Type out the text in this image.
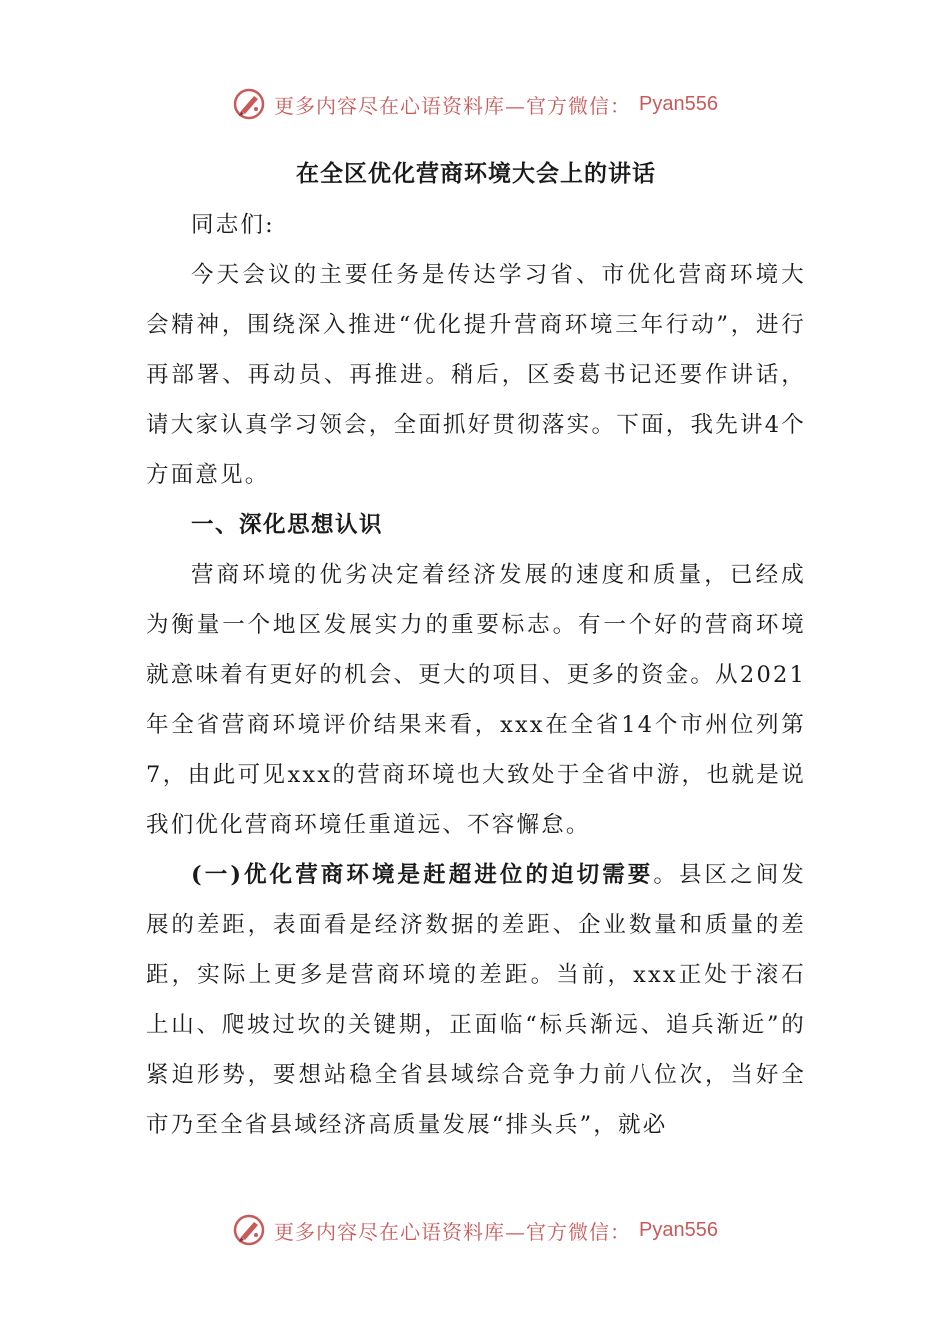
更多内容尽在心语资料库—官方微信： Pyan556
在全区优化营商环境大会上的讲话

同志们:

今天会议的主要任务是传达学习省、市优化营商环境大会精神，围绕深入推进“优化提升营商环境三年行动”，进行再部署、再动员、再推进。稍后，区委葛书记还要作讲话，请大家认真学习领会，全面抓好贯彻落实。下面，我先讲4个方面意见。

一、深化思想认识

营商环境的优劣决定着经济发展的速度和质量，已经成为衡量一个地区发展实力的重要标志。有一个好的营商环境就意味着有更好的机会、更大的项目、更多的资金。从2021年全省营商环境评价结果来看，xxx在全省14个市州位列第7，由此可见xxx的营商环境也大致处于全省中游，也就是说我们优化营商环境任重道远、不容懈怠。

(一)优化营商环境是赶超进位的迫切需要。县区之间发展的差距，表面看是经济数据的差距、企业数量和质量的差距，实际上更多是营商环境的差距。当前，xxx正处于滚石上山、爬坡过坎的关键期，正面临“标兵渐远、追兵渐近”的紧迫形势，要想站稳全省县域综合竞争力前八位次，当好全市乃至全省县域经济高质量发展“排头兵”，就必

更多内容尽在心语资料库—官方微信： Pyan556
